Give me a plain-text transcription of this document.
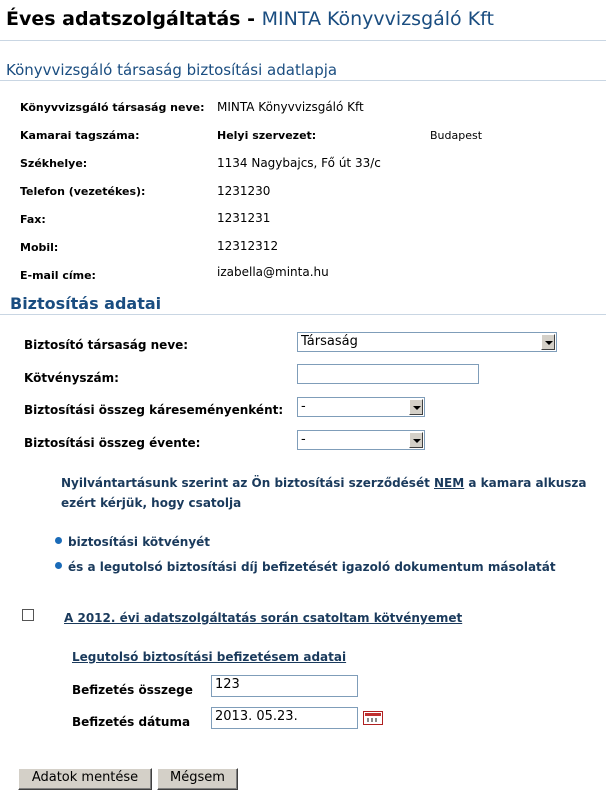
Éves adatszolgáltatás - MINTA Könyvvizsgáló Kft
Könyvvizsgáló társaság biztosítási adatlapja
Könyvvizsgáló társaság neve: MINTA Könyvvizsgáló Kft
Kamarai tagszáma:	Helyi szervezet:	Budapest
Székhelye:	1134 Nagybajcs, Fő út 33/c
Telefon (vezetékes):	1231230
Fax:	1231231
Mobil:	12312312
E-mail címe:	izabella@minta.hu
Biztosítás adatai
Biztosító társaság neve:	Társaság
Kötvényszám:
Biztosítási összeg káreseményenként:	-
Biztosítási összeg évente:	-
Nyilvántartásunk szerint az Ön biztosítási szerződését NEM a kamara alkusza
ezért kérjük, hogy csatolja
biztosítási kötvényét
és a legutolsó biztosítási díj befizetését igazoló dokumentum másolatát
A 2012. évi adatszolgáltatás során csatoltam kötvényemet
Legutolsó biztosítási befizetésem adatai
Befizetés összege	123
Befizetés dátuma	2013. 05.23.
Adatok mentése	Mégsem
